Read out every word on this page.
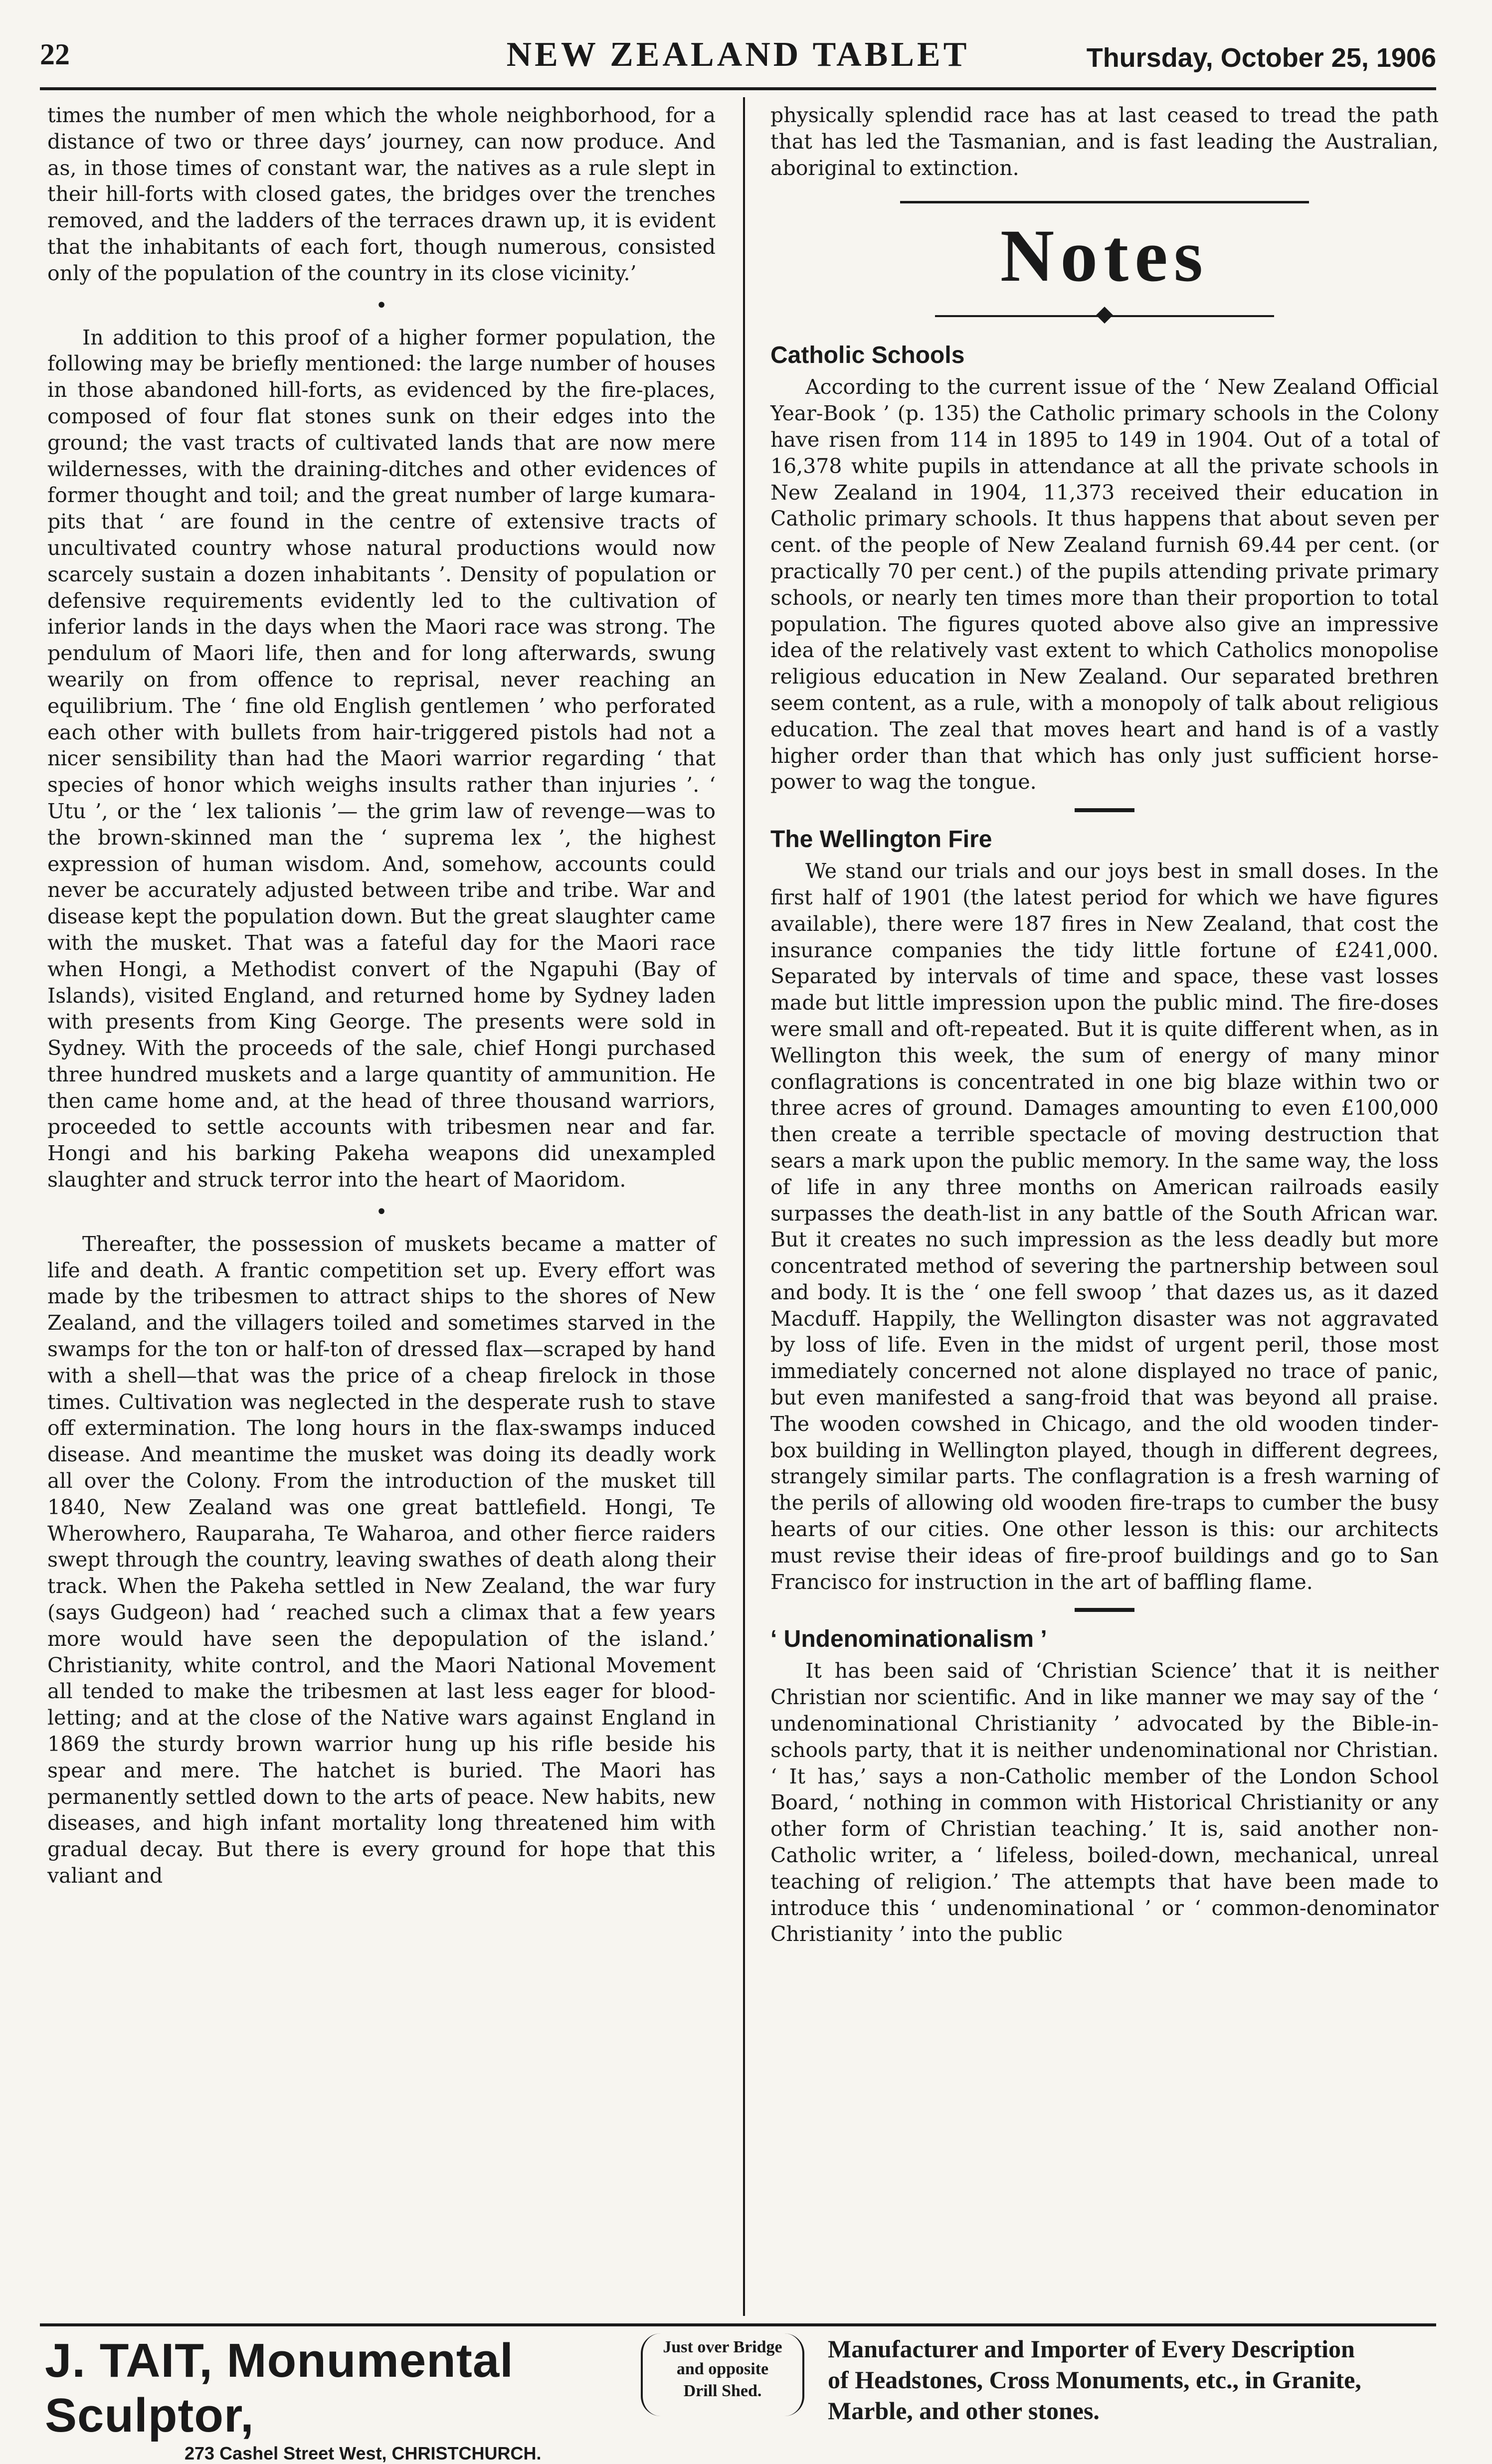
22	NEW ZEALAND TABLET	Thursday, October 25, 1906

times the number of men which the whole neighborhood, for a distance of two or three days’ journey, can now produce. And as, in those times of constant war, the natives as a rule slept in their hill-forts with closed gates, the bridges over the trenches removed, and the ladders of the terraces drawn up, it is evident that the inhabitants of each fort, though numerous, consisted only of the population of the country in its close vicinity.’

•

In addition to this proof of a higher former population, the following may be briefly mentioned: the large number of houses in those abandoned hill-forts, as evidenced by the fire-places, composed of four flat stones sunk on their edges into the ground; the vast tracts of cultivated lands that are now mere wildernesses, with the draining-ditches and other evidences of former thought and toil; and the great number of large kumara-pits that ‘ are found in the centre of extensive tracts of uncultivated country whose natural productions would now scarcely sustain a dozen inhabitants ’. Density of population or defensive requirements evidently led to the cultivation of inferior lands in the days when the Maori race was strong. The pendulum of Maori life, then and for long afterwards, swung wearily on from offence to reprisal, never reaching an equilibrium. The ‘ fine old English gentlemen ’ who perforated each other with bullets from hair-triggered pistols had not a nicer sensibility than had the Maori warrior regarding ‘ that species of honor which weighs insults rather than injuries ’. ‘ Utu ’, or the ‘ lex talionis ’— the grim law of revenge—was to the brown-skinned man the ‘ suprema lex ’, the highest expression of human wisdom. And, somehow, accounts could never be accurately adjusted between tribe and tribe. War and disease kept the population down. But the great slaughter came with the musket. That was a fateful day for the Maori race when Hongi, a Methodist convert of the Ngapuhi (Bay of Islands), visited England, and returned home by Sydney laden with presents from King George. The presents were sold in Sydney. With the proceeds of the sale, chief Hongi purchased three hundred muskets and a large quantity of ammunition. He then came home and, at the head of three thousand warriors, proceeded to settle accounts with tribesmen near and far. Hongi and his barking Pakeha weapons did unexampled slaughter and struck terror into the heart of Maoridom.

•

Thereafter, the possession of muskets became a matter of life and death. A frantic competition set up. Every effort was made by the tribesmen to attract ships to the shores of New Zealand, and the villagers toiled and sometimes starved in the swamps for the ton or half-ton of dressed flax—scraped by hand with a shell—that was the price of a cheap firelock in those times. Cultivation was neglected in the desperate rush to stave off extermination. The long hours in the flax-swamps induced disease. And meantime the musket was doing its deadly work all over the Colony. From the introduction of the musket till 1840, New Zealand was one great battlefield. Hongi, Te Wherowhero, Rauparaha, Te Waharoa, and other fierce raiders swept through the country, leaving swathes of death along their track. When the Pakeha settled in New Zealand, the war fury (says Gudgeon) had ‘ reached such a climax that a few years more would have seen the depopulation of the island.’ Christianity, white control, and the Maori National Movement all tended to make the tribesmen at last less eager for blood-letting; and at the close of the Native wars against England in 1869 the sturdy brown warrior hung up his rifle beside his spear and mere. The hatchet is buried. The Maori has permanently settled down to the arts of peace. New habits, new diseases, and high infant mortality long threatened him with gradual decay. But there is every ground for hope that this valiant and

physically splendid race has at last ceased to tread the path that has led the Tasmanian, and is fast leading the Australian, aboriginal to extinction.

Notes
Catholic Schools

According to the current issue of the ‘ New Zealand Official Year-Book ’ (p. 135) the Catholic primary schools in the Colony have risen from 114 in 1895 to 149 in 1904. Out of a total of 16,378 white pupils in attendance at all the private schools in New Zealand in 1904, 11,373 received their education in Catholic primary schools. It thus happens that about seven per cent. of the people of New Zealand furnish 69.44 per cent. (or practically 70 per cent.) of the pupils attending private primary schools, or nearly ten times more than their proportion to total population. The figures quoted above also give an impressive idea of the relatively vast extent to which Catholics monopolise religious education in New Zealand. Our separated brethren seem content, as a rule, with a monopoly of talk about religious education. The zeal that moves heart and hand is of a vastly higher order than that which has only just sufficient horse-power to wag the tongue.

The Wellington Fire

We stand our trials and our joys best in small doses. In the first half of 1901 (the latest period for which we have figures available), there were 187 fires in New Zealand, that cost the insurance companies the tidy little fortune of £241,000. Separated by intervals of time and space, these vast losses made but little impression upon the public mind. The fire-doses were small and oft-repeated. But it is quite different when, as in Wellington this week, the sum of energy of many minor conflagrations is concentrated in one big blaze within two or three acres of ground. Damages amounting to even £100,000 then create a terrible spectacle of moving destruction that sears a mark upon the public memory. In the same way, the loss of life in any three months on American railroads easily surpasses the death-list in any battle of the South African war. But it creates no such impression as the less deadly but more concentrated method of severing the partnership between soul and body. It is the ‘ one fell swoop ’ that dazes us, as it dazed Macduff. Happily, the Wellington disaster was not aggravated by loss of life. Even in the midst of urgent peril, those most immediately concerned not alone displayed no trace of panic, but even manifested a sang-froid that was beyond all praise. The wooden cowshed in Chicago, and the old wooden tinder-box building in Wellington played, though in different degrees, strangely similar parts. The conflagration is a fresh warning of the perils of allowing old wooden fire-traps to cumber the busy hearts of our cities. One other lesson is this: our architects must revise their ideas of fire-proof buildings and go to San Francisco for instruction in the art of baffling flame.

‘ Undenominationalism ’

It has been said of ‘Christian Science’ that it is neither Christian nor scientific. And in like manner we may say of the ‘ undenominational Christianity ’ advocated by the Bible-in-schools party, that it is neither undenominational nor Christian. ‘ It has,’ says a non-Catholic member of the London School Board, ‘ nothing in common with Historical Christianity or any other form of Christian teaching.’ It is, said another non-Catholic writer, a ‘ lifeless, boiled-down, mechanical, unreal teaching of religion.’ The attempts that have been made to introduce this ‘ undenominational ’ or ‘ common-denominator Christianity ’ into the public

J. TAIT, Monumental Sculptor,
273 Cashel Street West, CHRISTCHURCH.
Just over Bridge
and opposite
Drill Shed.
Manufacturer and Importer of Every Description
of Headstones, Cross Monuments, etc., in Granite,
Marble, and other stones.
